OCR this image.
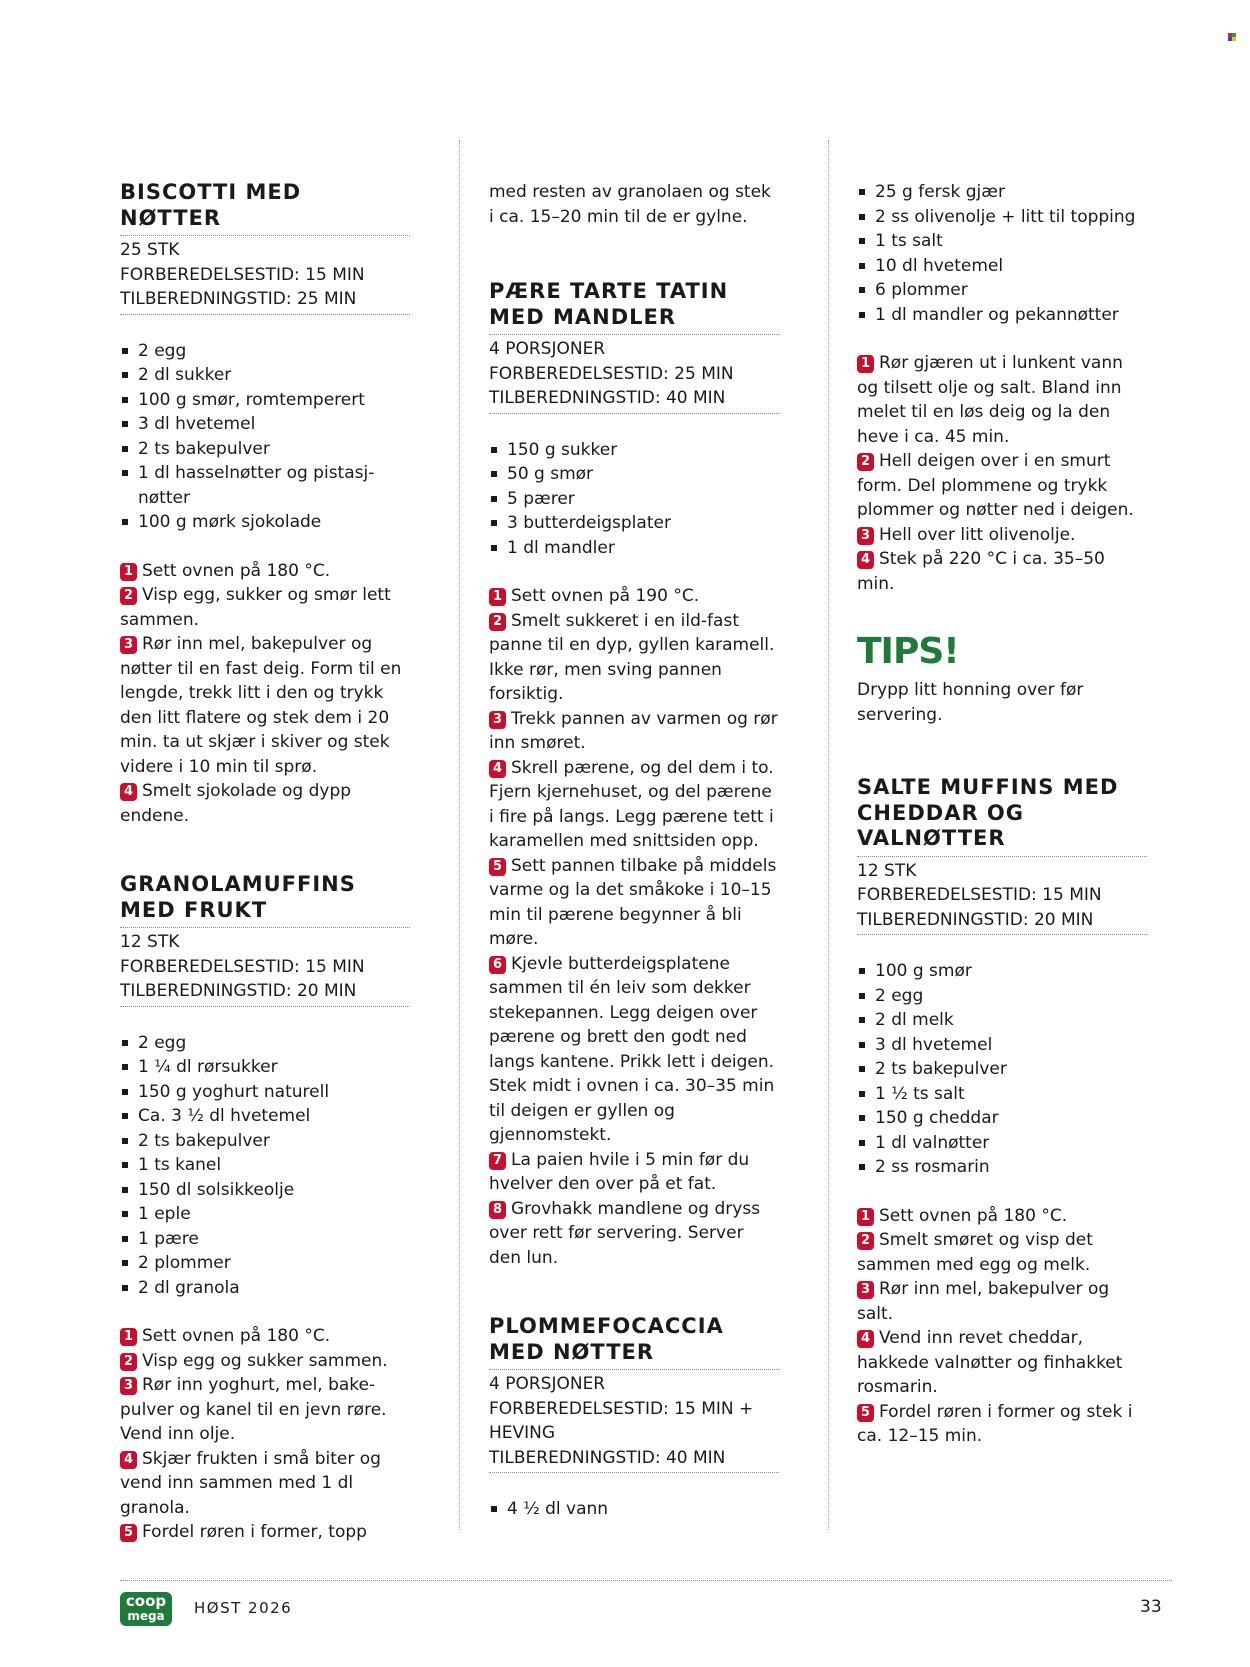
BISCOTTI MED NØTTER
25 STK
FORBEREDELSESTID: 15 MIN
TILBEREDNINGSTID: 25 MIN
2 egg
2 dl sukker
100 g smør, romtemperert
3 dl hvetemel
2 ts bakepulver
1 dl hasselnøtter og pistasj-nøtter
100 g mørk sjokolade
1 Sett ovnen på 180 °C.
2 Visp egg, sukker og smør lett sammen.
3 Rør inn mel, bakepulver og nøtter til en fast deig. Form til en lengde, trekk litt i den og trykk den litt flatere og stek dem i 20 min. ta ut skjær i skiver og stek videre i 10 min til sprø.
4 Smelt sjokolade og dypp endene.
GRANOLAMUFFINS MED FRUKT
12 STK
FORBEREDELSESTID: 15 MIN
TILBEREDNINGSTID: 20 MIN
2 egg
1 ¼ dl rørsukker
150 g yoghurt naturell
Ca. 3 ½ dl hvetemel
2 ts bakepulver
1 ts kanel
150 dl solsikkeolje
1 eple
1 pære
2 plommer
2 dl granola
1 Sett ovnen på 180 °C.
2 Visp egg og sukker sammen.
3 Rør inn yoghurt, mel, bake-pulver og kanel til en jevn røre. Vend inn olje.
4 Skjær frukten i små biter og vend inn sammen med 1 dl granola.
5 Fordel røren i former, topp
med resten av granolaen og stek i ca. 15–20 min til de er gylne.
PÆRE TARTE TATIN MED MANDLER
4 PORSJONER
FORBEREDELSESTID: 25 MIN
TILBEREDNINGSTID: 40 MIN
150 g sukker
50 g smør
5 pærer
3 butterdeigsplater
1 dl mandler
1 Sett ovnen på 190 °C.
2 Smelt sukkeret i en ild-fast panne til en dyp, gyllen karamell. Ikke rør, men sving pannen forsiktig.
3 Trekk pannen av varmen og rør inn smøret.
4 Skrell pærene, og del dem i to. Fjern kjernehuset, og del pærene i fire på langs. Legg pærene tett i karamellen med snittsiden opp.
5 Sett pannen tilbake på middels varme og la det småkoke i 10–15 min til pærene begynner å bli møre.
6 Kjevle butterdeigsplatene sammen til én leiv som dekker stekepannen. Legg deigen over pærene og brett den godt ned langs kantene. Prikk lett i deigen. Stek midt i ovnen i ca. 30–35 min til deigen er gyllen og gjennomstekt.
7 La paien hvile i 5 min før du hvelver den over på et fat.
8 Grovhakk mandlene og dryss over rett før servering. Server den lun.
PLOMMEFOCACCIA MED NØTTER
4 PORSJONER
FORBEREDELSESTID: 15 MIN + HEVING
TILBEREDNINGSTID: 40 MIN
4 ½ dl vann
25 g fersk gjær
2 ss olivenolje + litt til topping
1 ts salt
10 dl hvetemel
6 plommer
1 dl mandler og pekannøtter
1 Rør gjæren ut i lunkent vann og tilsett olje og salt. Bland inn melet til en løs deig og la den heve i ca. 45 min.
2 Hell deigen over i en smurt form. Del plommene og trykk plommer og nøtter ned i deigen.
3 Hell over litt olivenolje.
4 Stek på 220 °C i ca. 35–50 min.
TIPS!
Drypp litt honning over før servering.
SALTE MUFFINS MED CHEDDAR OG VALNØTTER
12 STK
FORBEREDELSESTID: 15 MIN
TILBEREDNINGSTID: 20 MIN
100 g smør
2 egg
2 dl melk
3 dl hvetemel
2 ts bakepulver
1 ½ ts salt
150 g cheddar
1 dl valnøtter
2 ss rosmarin
1 Sett ovnen på 180 °C.
2 Smelt smøret og visp det sammen med egg og melk.
3 Rør inn mel, bakepulver og salt.
4 Vend inn revet cheddar, hakkede valnøtter og finhakket rosmarin.
5 Fordel røren i former og stek i ca. 12–15 min.
coop
mega	HØST 2026	33
